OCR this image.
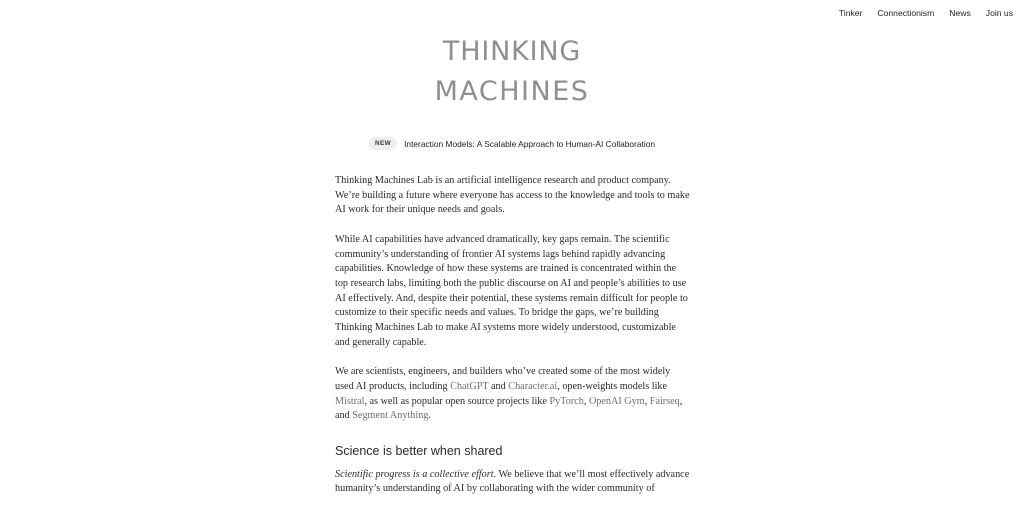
Tinker Connectionism News Join us
THINKING
MACHINES
NEW	Interaction Models: A Scalable Approach to Human-AI Collaboration

Thinking Machines Lab is an artificial intelligence research and product company. We’re building a future where everyone has access to the knowledge and tools to make AI work for their unique needs and goals.

While AI capabilities have advanced dramatically, key gaps remain. The scientific community’s understanding of frontier AI systems lags behind rapidly advancing capabilities. Knowledge of how these systems are trained is concentrated within the top research labs, limiting both the public discourse on AI and people’s abilities to use AI effectively. And, despite their potential, these systems remain difficult for people to customize to their specific needs and values. To bridge the gaps, we’re building Thinking Machines Lab to make AI systems more widely understood, customizable and generally capable.

We are scientists, engineers, and builders who’ve created some of the most widely used AI products, including ChatGPT and Character.ai, open-weights models like Mistral, as well as popular open source projects like PyTorch, OpenAI Gym, Fairseq, and Segment Anything.

Science is better when shared

Scientific progress is a collective effort. We believe that we’ll most effectively advance humanity’s understanding of AI by collaborating with the wider community of
